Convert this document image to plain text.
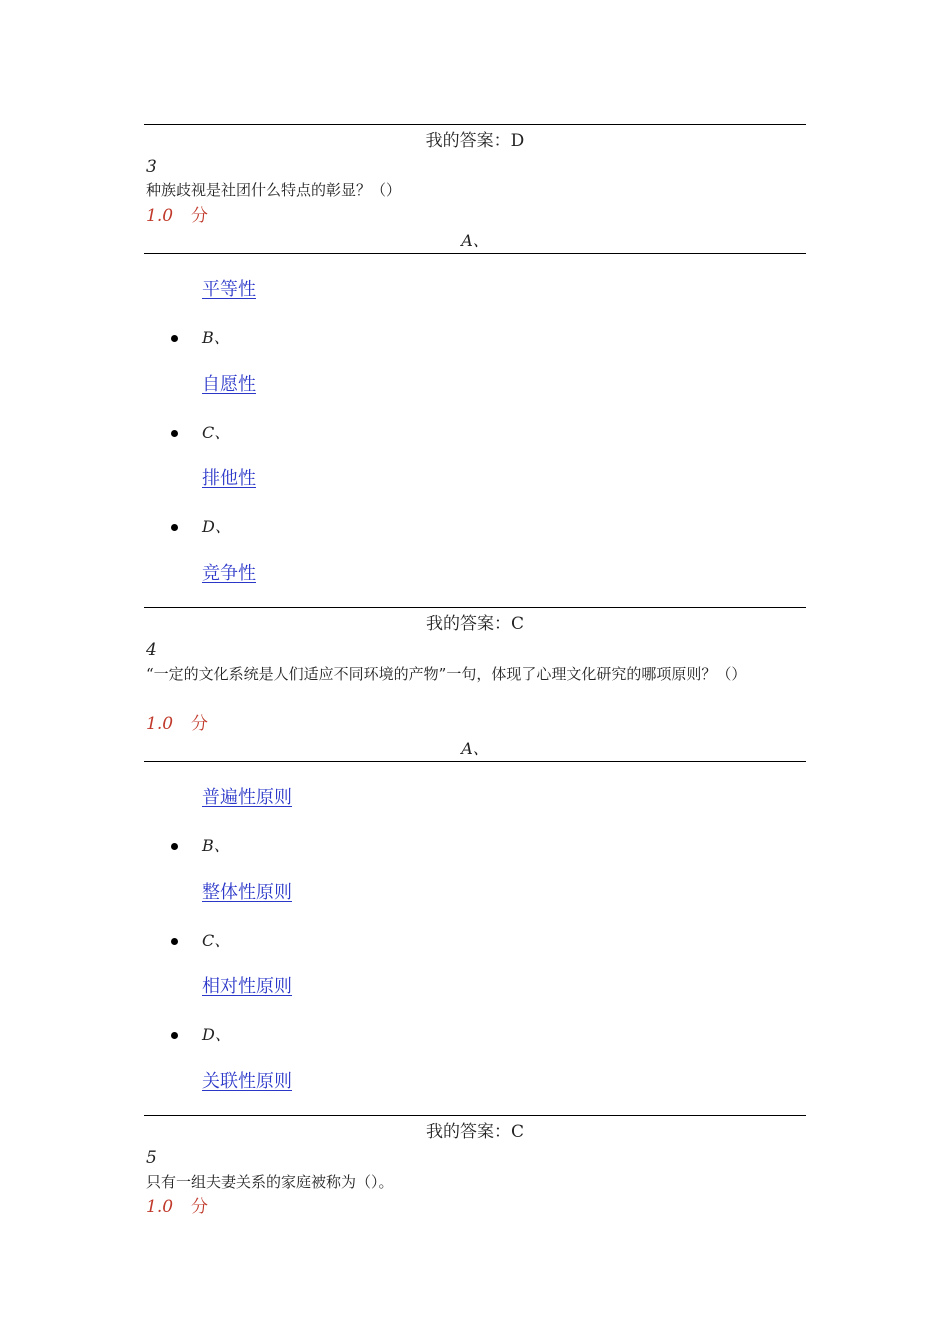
我的答案：D
3
种族歧视是社团什么特点的彰显？（）
1.0 分
A、
平等性
B、
自愿性
C、
排他性
D、
竞争性
我的答案：C
4
“一定的文化系统是人们适应不同环境的产物”一句，体现了心理文化研究的哪项原则？（）
1.0 分
A、
普遍性原则
B、
整体性原则
C、
相对性原则
D、
关联性原则
我的答案：C
5
只有一组夫妻关系的家庭被称为（）。
1.0 分
